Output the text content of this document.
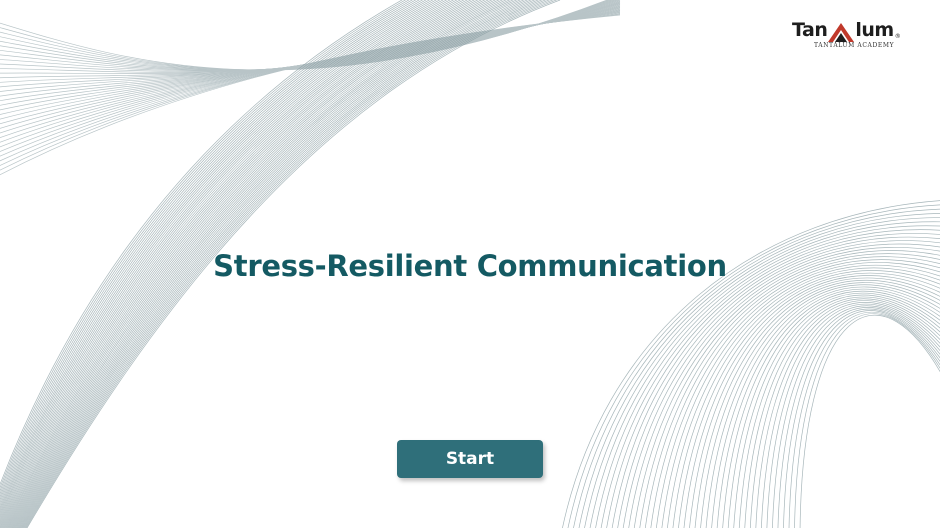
Tan lum ®
TANTALUM ACADEMY
Stress-Resilient Communication
Start
